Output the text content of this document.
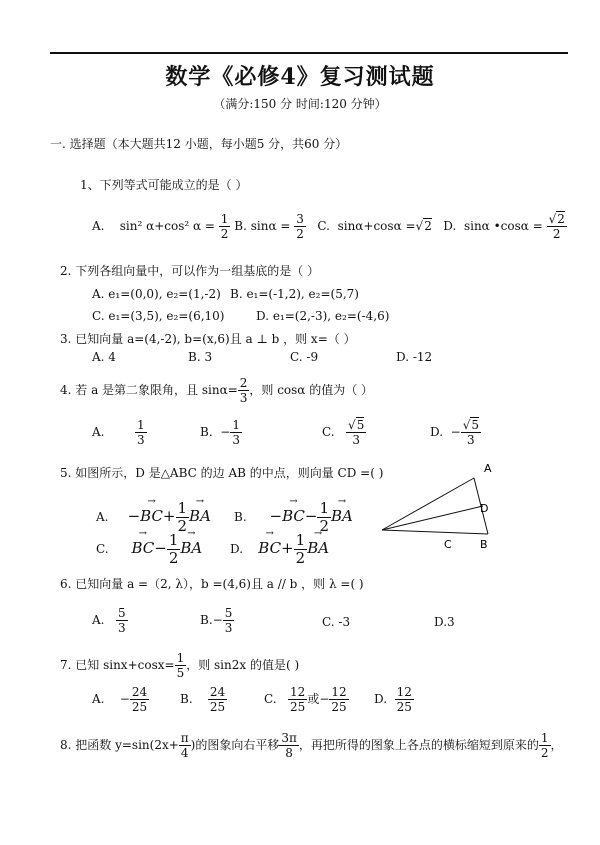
数学《必修4》复习测试题
（满分:150 分 时间:120 分钟）
一. 选择题（本大题共12 小题，每小题5 分，共60 分）
1、下列等式可能成立的是（ ）
A. sin² α+cos² $\alpha = \frac{1}{2} B$. $\sin\alpha = \frac{3}{2} C$. sinα+cosα =√2 D. sinα •cosα = $\frac{√2}{2}$
2. 下列各组向量中，可以作为一组基底的是（ ）
A. e₁=(0,0), e₂=(1,-2) B. e₁=(-1,2), e₂=(5,7)
C. e₁=(3,5), e₂=(6,10)	D. e₁=(2,-3), e₂=(-4,6)
3. 已知向量 a=(4,-2), b=(x,6)且 a ⊥ b ，则 x=（ ）
A. 4	B. 3	C. -9	D. -12
4. 若 a 是第二象限角，且 $\sin\alpha= \frac{2}{3}$ ，则 cosα 的值为（ ）
A.	$\frac{1}{3}$	B. − $\frac{1}{3}$	C. $\frac{√5}{3}$	D. − $\frac{√5}{3}$
5. 如图所示，D 是△ABC 的边 AB 的中点，则向量 CD =( )
A. −→ $BC+ \frac{1}{2}$ → BA B. −→ $BC- \frac{1}{2}$ → BA
C. → $BC- \frac{1}{2}$ → BA D. → $BC+ \frac{1}{2}$ → BA
A
D
C	B
6. 已知向量 a =（2, λ），b =(4,6)且 a // b ，则 λ =( )
A. $\frac{5}{3}$	$B.- \frac{5}{3}$	C. -3	D.3
7. 已知 $\sin x+\cos x= \frac{1}{5}$ ，则 sin2x 的值是( )
A. − $\frac{24}{25}$	B. $\frac{24}{25}$	C. $\frac{12}{25}$ 或− $\frac{12}{25} D$. $\frac{12}{25}$
8. 把函数 $y=\sin(2x+ \frac{\pi}{4}$ )的图象向右平移 $\frac{3\pi}{8}$ ，再把所得的图象上各点的横标缩短到原来的 $\frac{1}{2}$ ，
